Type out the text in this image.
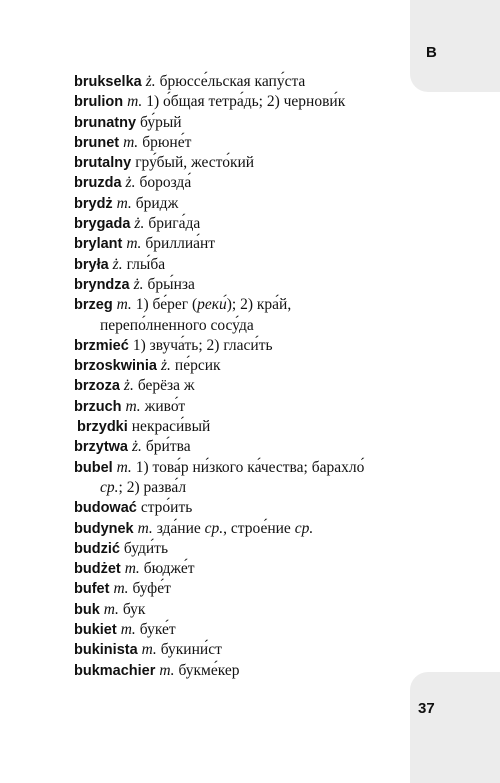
B
37
brukselka ż. брюссе́льская капу́ста
brulion m. 1) о́бщая тетра́дь; 2) чернови́к
brunatny бу́рый
brunet m. брюне́т
brutalny гру́бый, жесто́кий
bruzda ż. борозда́
brydż m. бридж
brygada ż. брига́да
brylant m. бриллиа́нт
bryła ż. глы́ба
bryndza ż. бры́нза
brzeg m. 1) бе́рег (реки́); 2) кра́й,
перепо́лненного сосу́да
brzmieć 1) звуча́ть; 2) гласи́ть
brzoskwinia ż. пе́рсик
brzoza ż. берёза ж
brzuch m. живо́т
brzydki некраси́вый
brzytwa ż. бри́тва
bubel m. 1) това́р ни́зкого ка́чества; барахло́
ср.; 2) разва́л
budować стро́ить
budynek m. зда́ние ср., строе́ние ср.
budzić буди́ть
budżet m. бюдже́т
bufet m. буфе́т
buk m. бук
bukiet m. буке́т
bukinista m. букини́ст
bukmachier m. букме́кер
